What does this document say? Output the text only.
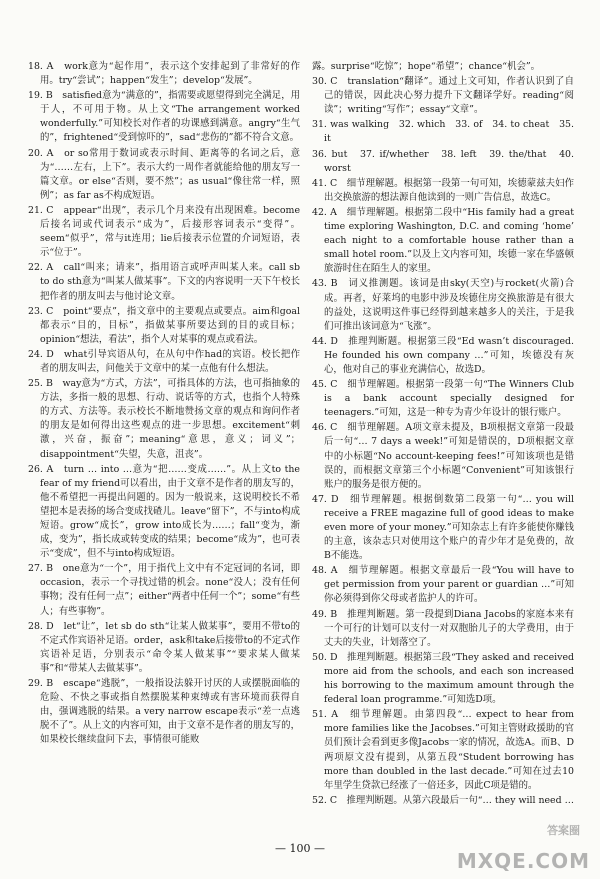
18. A　work意为“起作用”，表示这个安排起到了非常好的作用。try“尝试”；happen“发生”；develop“发展”。

19. B　satisfied意为“满意的”，指需要或愿望得到完全满足，用于人，不可用于物。从上文“The arrangement worked wonderfully.”可知校长对作者的功课感到满意。angry“生气的”，frightened“受到惊吓的”，sad“悲伤的”都不符合文意。

20. A　or so常用于数词或表示时间、距离等的名词之后，意为“……左右，上下”。表示大约一周作者就能给他的朋友写一篇文章。or else“否则，要不然”；as usual“像往常一样，照例”；as far as不构成短语。

21. C　appear“出现”，表示几个月来没有出现困难。become后接名词或代词表示“成为”，后接形容词表示“变得”。seem“似乎”，常与it连用；lie后接表示位置的介词短语，表示“位于”。

22. A　call“叫来；请来”，指用语言或呼声叫某人来。call sb to do sth意为“叫某人做某事”。下文的内容说明一天下午校长把作者的朋友叫去与他讨论文章。

23. C　point“要点”，指文章中的主要观点或要点。aim和goal都表示“目的，目标”，指做某事所要达到的目的或目标；opinion“想法，看法”，指个人对某事的观点或看法。

24. D　what引导宾语从句，在从句中作had的宾语。校长把作者的朋友叫去，问他关于文章中的某一点他有什么想法。

25. B　way意为“方式，方法”，可指具体的方法，也可指抽象的方法，多指一般的思想、行动、说话等的方式，也指个人特殊的方式、方法等。表示校长不断地赞扬文章的观点和询问作者的朋友是如何得出这些观点的进一步思想。excitement“刺激，兴奋，振奋”；meaning“意思，意义；词义”；disappointment“失望，失意，沮丧”。

26. A　turn … into …意为“把……变成……”。从上文to the fear of my friend可以看出，由于文章不是作者的朋友写的，他不希望把一再提出问题的。因为一般说来，这说明校长不希望把本是表扬的场合变成找碴儿。leave“留下”，不与into构成短语。grow“成长”，grow into成长为……；fall“变为，渐成，变为”，指长成或转变成的结果；become“成为”，也可表示“变成”，但不与into构成短语。

27. B　one意为“一个”，用于指代上文中有不定冠词的名词，即occasion，表示一个寻找过错的机会。none“没人；没有任何事物；没有任何一点”；either“两者中任何一个”；some“有些人；有些事物”。

28. D　let“让”，let sb do sth“让某人做某事”，要用不带to的不定式作宾语补足语。order，ask和take后接带to的不定式作宾语补足语，分别表示“命令某人做某事”“要求某人做某事”和“带某人去做某事”。

29. B　escape“逃脱”，一般指设法躲开讨厌的人或摆脱面临的危险、不快之事或指自然摆脱某种束缚或有害环境而获得自由，强调逃脱的结果。a very narrow escape表示“差一点逃脱不了”。从上文的内容可知，由于文章不是作者的朋友写的，如果校长继续盘问下去，事情很可能败

露。surprise“吃惊”；hope“希望”；chance“机会”。

30. C　translation“翻译”。通过上文可知，作者认识到了自己的错误，因此决心努力提升下文翻译学好。reading“阅读”；writing“写作”；essay“文章”。

31. was walking　32. which　33. of　34. to cheat　35. it

36. but　37. if/whether　38. left　39. the/that　40. worst

41. C　细节理解题。根据第一段第一句可知，埃德蒙兹夫妇作出交换旅游的想法源自他读到的一则广告信息，故选C。

42. A　细节理解题。根据第二段中“His family had a great time exploring Washington, D.C. and coming ‘home’ each night to a comfortable house rather than a small hotel room.”以及上文内容可知，埃德一家在华盛顿旅游时住在陌生人的家里。

43. B　词义推测题。该词是由sky(天空)与rocket(火箭)合成。再者，好莱坞的电影中涉及埃德住房交换旅游是有很大的益处，这说明这件事已经得到越来越多人的关注，于是我们可推出该词意为“飞涨”。

44. D　推理判断题。根据第三段“Ed wasn’t discouraged. He founded his own company …”可知，埃德没有灰心，他对自己的事业充满信心，故选D。

45. C　细节理解题。根据第一段第一句“The Winners Club is a bank account specially designed for teenagers.”可知，这是一种专为青少年设计的银行账户。

46. C　细节理解题。A项文章未提及，B项根据文章第一段最后一句“… 7 days a week!”可知是错误的，D项根据文章中的小标题“No account-keeping fees!”可知该项也是错误的，而根据文章第三个小标题“Convenient”可知该银行账户的服务是很方便的。

47. D　细节理解题。根据倒数第二段第一句“… you will receive a FREE magazine full of good ideas to make even more of your money.”可知杂志上有许多能使你赚钱的主意，该杂志只对使用这个账户的青少年才是免费的，故B不能选。

48. A　细节理解题。根据文章最后一段“You will have to get permission from your parent or guardian …”可知你必须得到你父母或者监护人的许可。

49. B　推理判断题。第一段提到Diana Jacobs的家庭本来有一个可行的计划可以支付一对双胞胎儿子的大学费用，由于丈夫的失业，计划落空了。

50. D　推理判断题。根据第三段“They asked and received more aid from the schools, and each son increased his borrowing to the maximum amount through the federal loan programme.”可知选D项。

51. A　细节理解题。由第四段“… expect to hear from more families like the Jacobses.”可知主管财政援助的官员们预计会看到更多像Jacobs一家的情况，故选A。而B、D两项原文没有提到，从第五段“Student borrowing has more than doubled in the last decade.”可知在过去10年里学生贷款已经涨了一倍还多，因此C项是错的。

52. C　推理判断题。从第六段最后一句“… they will need …

— 100 —
答案圈
MXQE.COM
